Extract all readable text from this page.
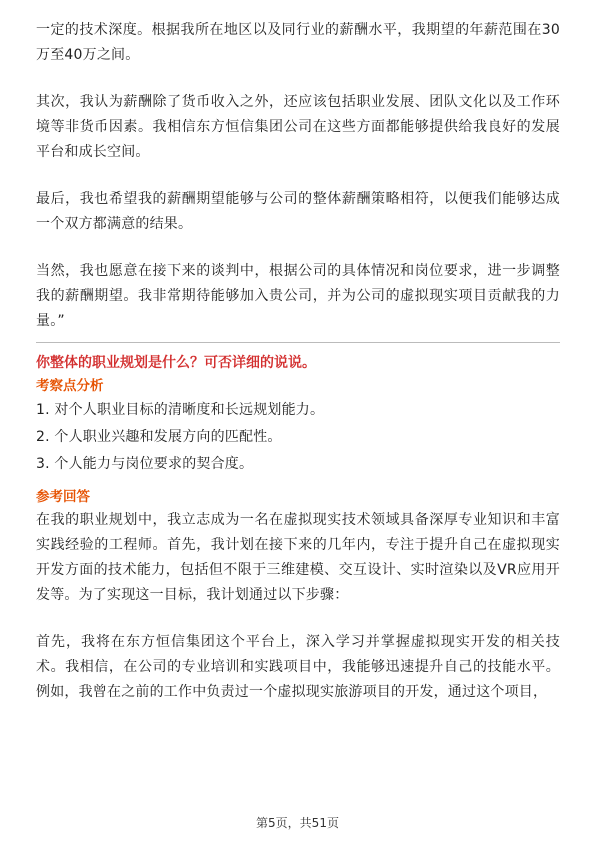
一定的技术深度。根据我所在地区以及同行业的薪酬水平，我期望的年薪范围在30万至40万之间。

其次，我认为薪酬除了货币收入之外，还应该包括职业发展、团队文化以及工作环境等非货币因素。我相信东方恒信集团公司在这些方面都能够提供给我良好的发展平台和成长空间。

最后，我也希望我的薪酬期望能够与公司的整体薪酬策略相符，以便我们能够达成一个双方都满意的结果。

当然，我也愿意在接下来的谈判中，根据公司的具体情况和岗位要求，进一步调整我的薪酬期望。我非常期待能够加入贵公司，并为公司的虚拟现实项目贡献我的力量。”

你整体的职业规划是什么？可否详细的说说。
考察点分析

1. 对个人职业目标的清晰度和长远规划能力。

2. 个人职业兴趣和发展方向的匹配性。

3. 个人能力与岗位要求的契合度。

参考回答

在我的职业规划中，我立志成为一名在虚拟现实技术领域具备深厚专业知识和丰富实践经验的工程师。首先，我计划在接下来的几年内，专注于提升自己在虚拟现实开发方面的技术能力，包括但不限于三维建模、交互设计、实时渲染以及VR应用开发等。为了实现这一目标，我计划通过以下步骤：

首先，我将在东方恒信集团这个平台上，深入学习并掌握虚拟现实开发的相关技术。我相信，在公司的专业培训和实践项目中，我能够迅速提升自己的技能水平。例如，我曾在之前的工作中负责过一个虚拟现实旅游项目的开发，通过这个项目，

第5页，共51页
